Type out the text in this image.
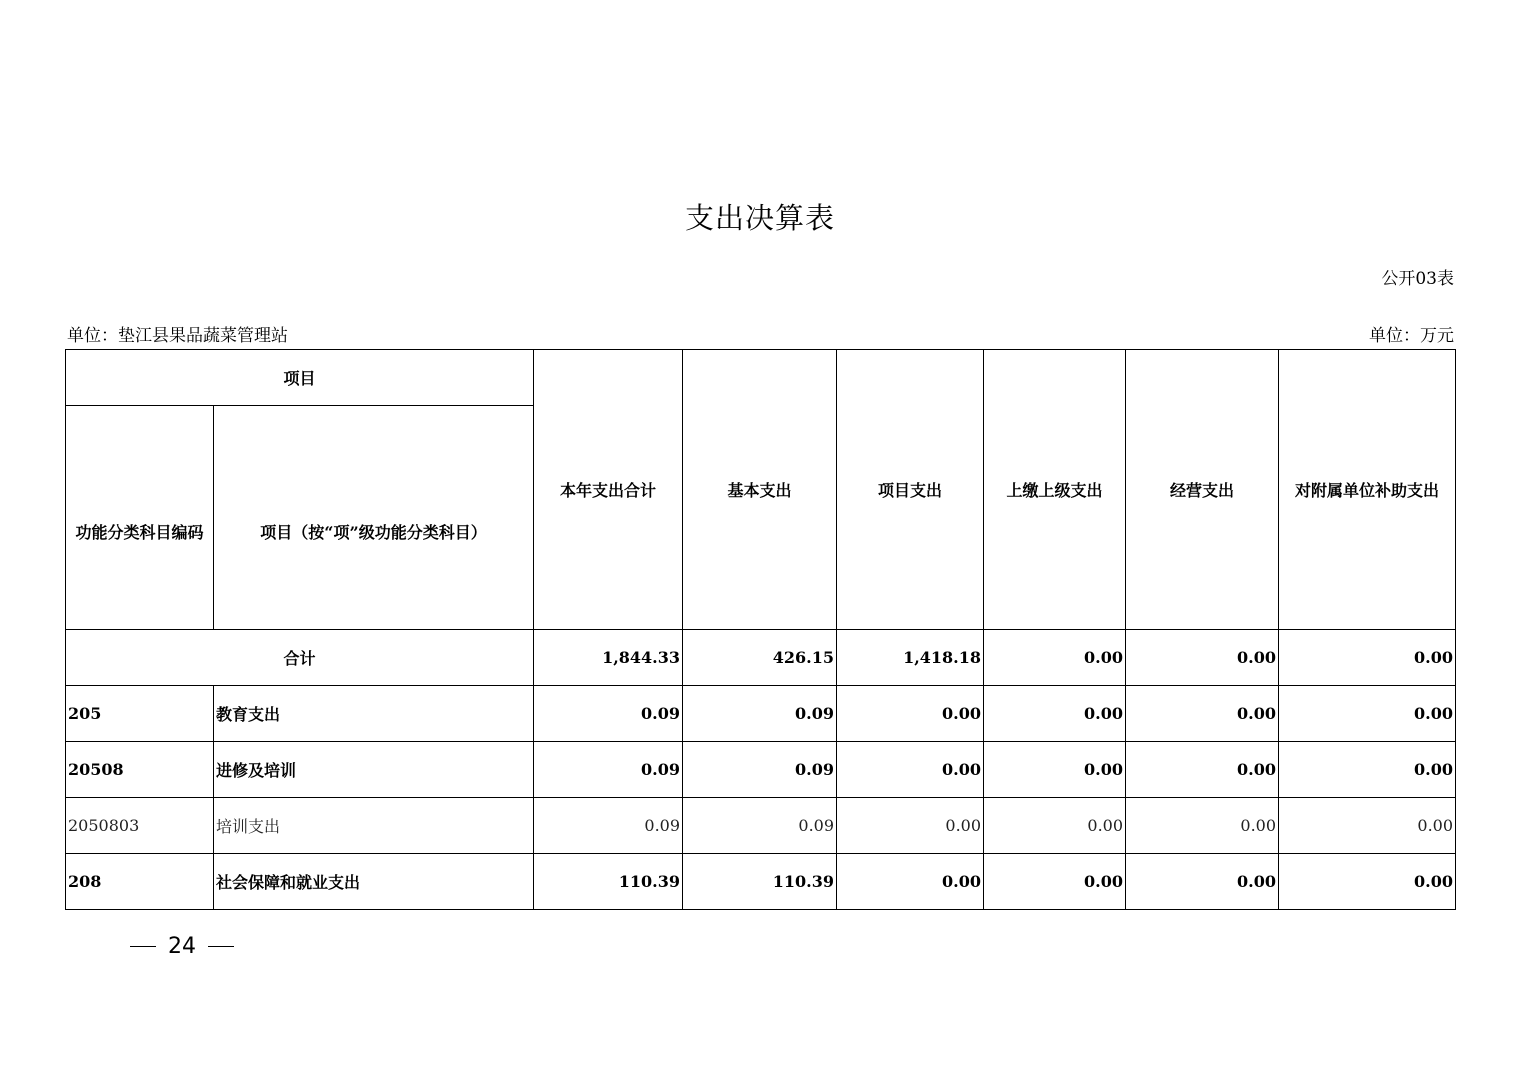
支出决算表
公开03表
单位：垫江县果品蔬菜管理站	单位：万元
项目		本年支出合计	基本支出	项目支出	上缴上级支出	经营支出	对附属单位补助支出
功能分类科目编码	项目（按“项”级功能分类科目）						
合计		1,844.33	426.15	1,418.18	0.00	0.00	0.00
205	教育支出	0.09	0.09	0.00	0.00	0.00	0.00
20508	进修及培训	0.09	0.09	0.00	0.00	0.00	0.00
2050803	培训支出	0.09	0.09	0.00	0.00	0.00	0.00
208	社会保障和就业支出	110.39	110.39	0.00	0.00	0.00	0.00
24
